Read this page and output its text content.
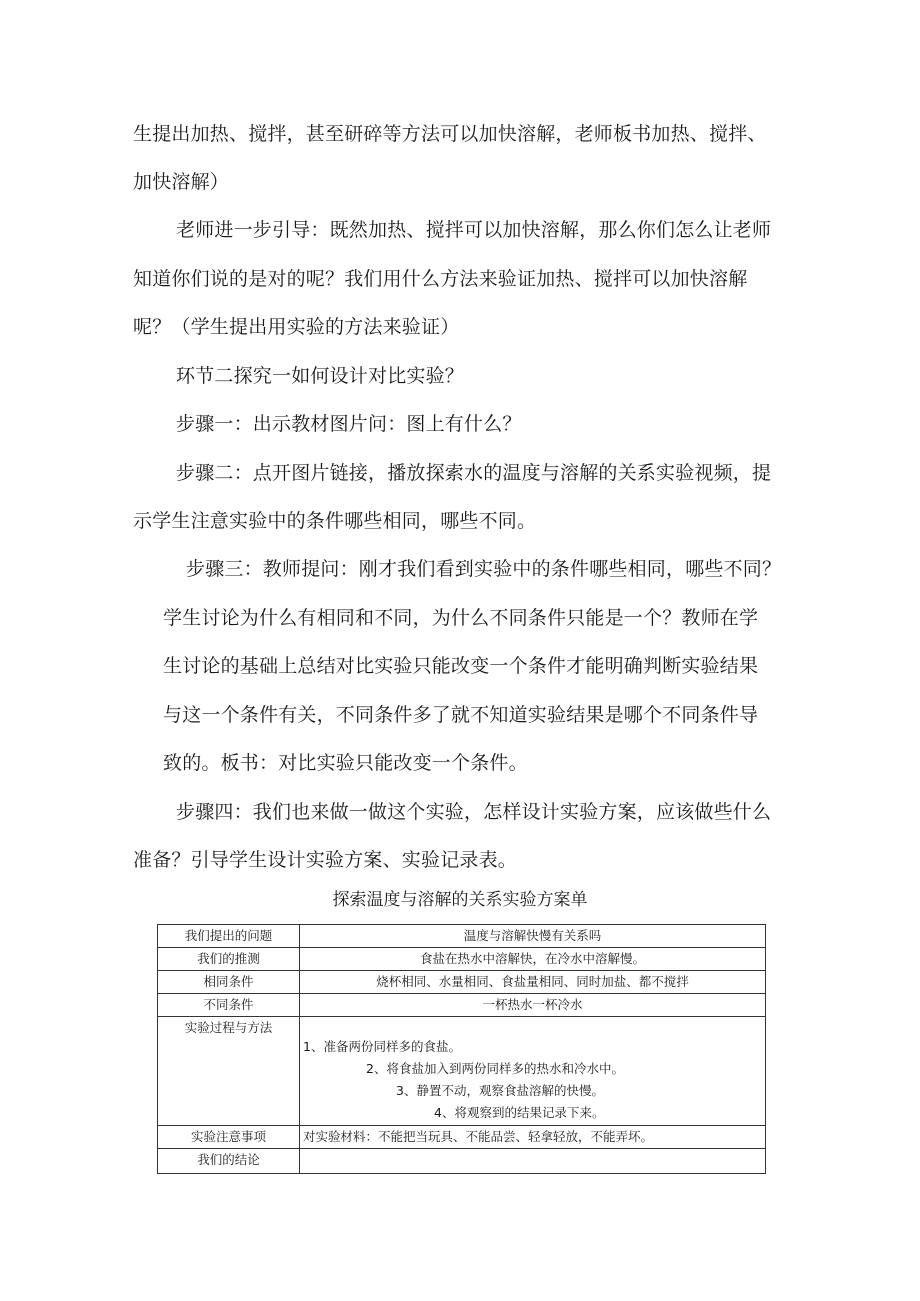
生提出加热、搅拌，甚至研碎等方法可以加快溶解，老师板书加热、搅拌、
加快溶解）
老师进一步引导：既然加热、搅拌可以加快溶解，那么你们怎么让老师
知道你们说的是对的呢？我们用什么方法来验证加热、搅拌可以加快溶解
呢？（学生提出用实验的方法来验证）
环节二探究一如何设计对比实验？
步骤一：出示教材图片问：图上有什么？
步骤二：点开图片链接，播放探索水的温度与溶解的关系实验视频，提
示学生注意实验中的条件哪些相同，哪些不同。
步骤三：教师提问：刚才我们看到实验中的条件哪些相同，哪些不同？
学生讨论为什么有相同和不同，为什么不同条件只能是一个？教师在学
生讨论的基础上总结对比实验只能改变一个条件才能明确判断实验结果
与这一个条件有关，不同条件多了就不知道实验结果是哪个不同条件导
致的。板书：对比实验只能改变一个条件。
步骤四：我们也来做一做这个实验，怎样设计实验方案，应该做些什么
准备？引导学生设计实验方案、实验记录表。
探索温度与溶解的关系实验方案单
我们提出的问题	温度与溶解快慢有关系吗
我们的推测	食盐在热水中溶解快，在冷水中溶解慢。
相同条件	烧杯相同、水量相同、食盐量相同、同时加盐、都不搅拌
不同条件	一杯热水一杯冷水
实验过程与方法	1、准备两份同样多的食盐。
2、将食盐加入到两份同样多的热水和冷水中。
3、静置不动，观察食盐溶解的快慢。
4、将观察到的结果记录下来。

实验注意事项	对实验材料：不能把当玩具、不能品尝、轻拿轻放，不能弄坏。
我们的结论	
